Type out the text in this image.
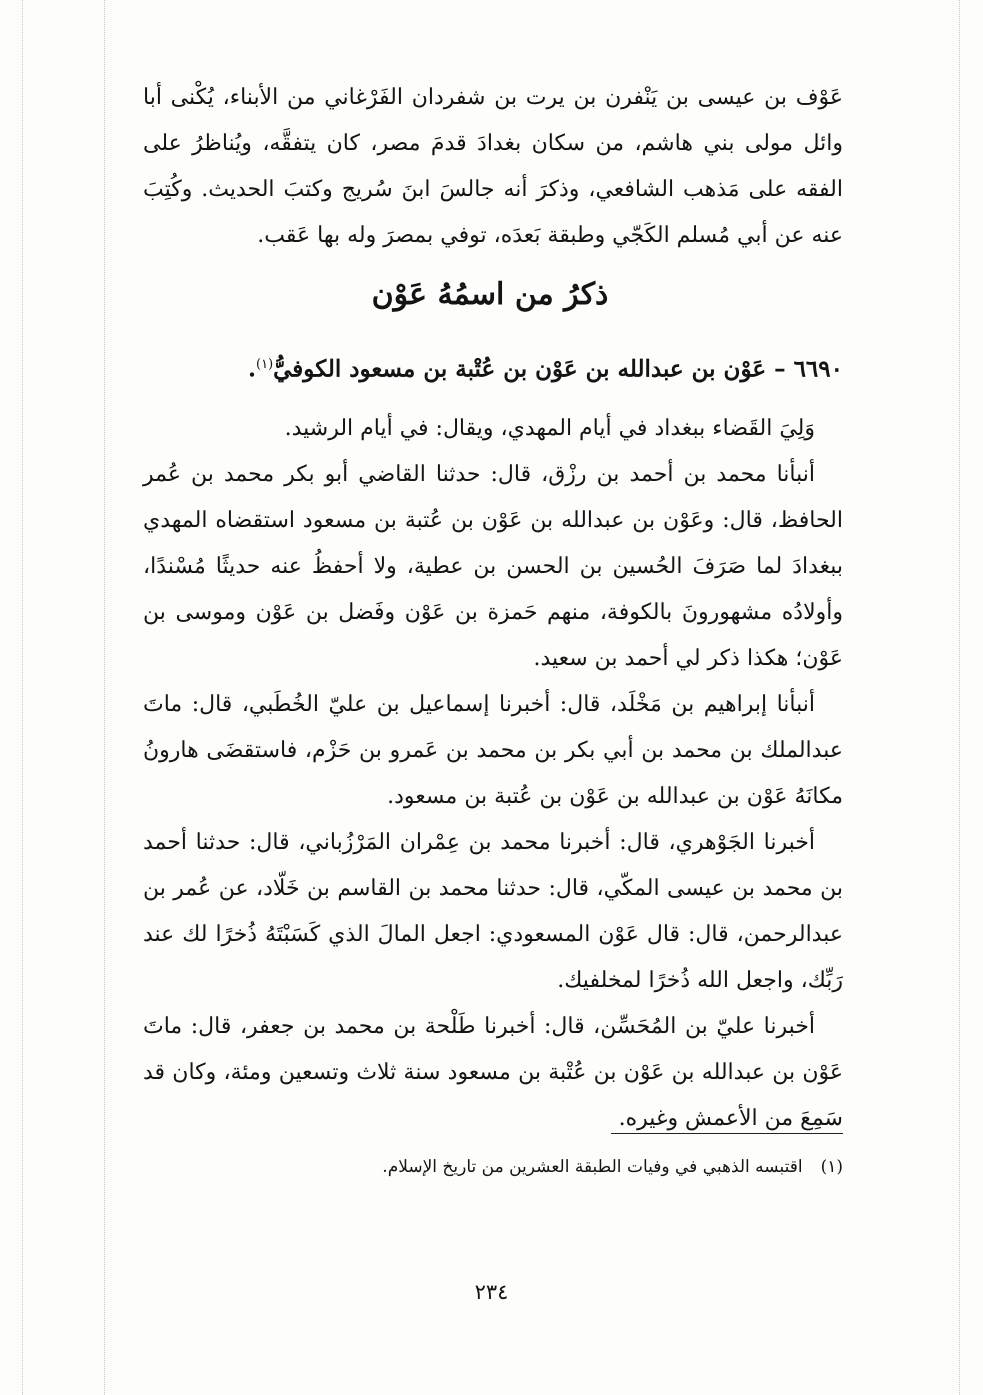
عَوْف بن عيسى بن يَنْفرن بن يرت بن شفردان الفَرْغاني من الأبناء، يُكْنى أبا وائل مولى بني هاشم، من سكان بغدادَ قدمَ مصر، كان يتفقَّه، ويُناظرُ على الفقه على مَذهب الشافعي، وذكرَ أنه جالسَ ابنَ سُريج وكتبَ الحديث. وكُتِبَ عنه عن أبي مُسلم الكَجّي وطبقة بَعدَه، توفي بمصرَ وله بها عَقب.

ذكرُ من اسمُهُ عَوْن
٦٦٩٠ – عَوْن بن عبدالله بن عَوْن بن عُتْبة بن مسعود الكوفيُّ$^{(١)}$.

وَلِيَ القَضاء ببغداد في أيام المهدي، ويقال: في أيام الرشيد.

أنبأنا محمد بن أحمد بن رزْق، قال: حدثنا القاضي أبو بكر محمد بن عُمر الحافظ، قال: وعَوْن بن عبدالله بن عَوْن بن عُتبة بن مسعود استقضاه المهدي ببغدادَ لما صَرَفَ الحُسين بن الحسن بن عطية، ولا أحفظُ عنه حديثًا مُسْندًا، وأولادُه مشهورونَ بالكوفة، منهم حَمزة بن عَوْن وفَضل بن عَوْن وموسى بن عَوْن؛ هكذا ذكر لي أحمد بن سعيد.

أنبأنا إبراهيم بن مَخْلَد، قال: أخبرنا إسماعيل بن عليّ الخُطَبي، قال: ماتَ عبدالملك بن محمد بن أبي بكر بن محمد بن عَمرو بن حَزْم، فاستقضَى هارونُ مكانَهُ عَوْن بن عبدالله بن عَوْن بن عُتبة بن مسعود.

أخبرنا الجَوْهري، قال: أخبرنا محمد بن عِمْران المَرْزُباني، قال: حدثنا أحمد بن محمد بن عيسى المكّي، قال: حدثنا محمد بن القاسم بن خَلّاد، عن عُمر بن عبدالرحمن، قال: قال عَوْن المسعودي: اجعل المالَ الذي كَسَبْتَهُ ذُخرًا لك عند رَبِّك، واجعل الله ذُخرًا لمخلفيك.

أخبرنا عليّ بن المُحَسِّن، قال: أخبرنا طَلْحة بن محمد بن جعفر، قال: ماتَ عَوْن بن عبدالله بن عَوْن بن عُتْبة بن مسعود سنة ثلاث وتسعين ومئة، وكان قد سَمِعَ من الأعمش وغيره.

(١)اقتبسه الذهبي في وفيات الطبقة العشرين من تاريخ الإسلام.
٢٣٤
